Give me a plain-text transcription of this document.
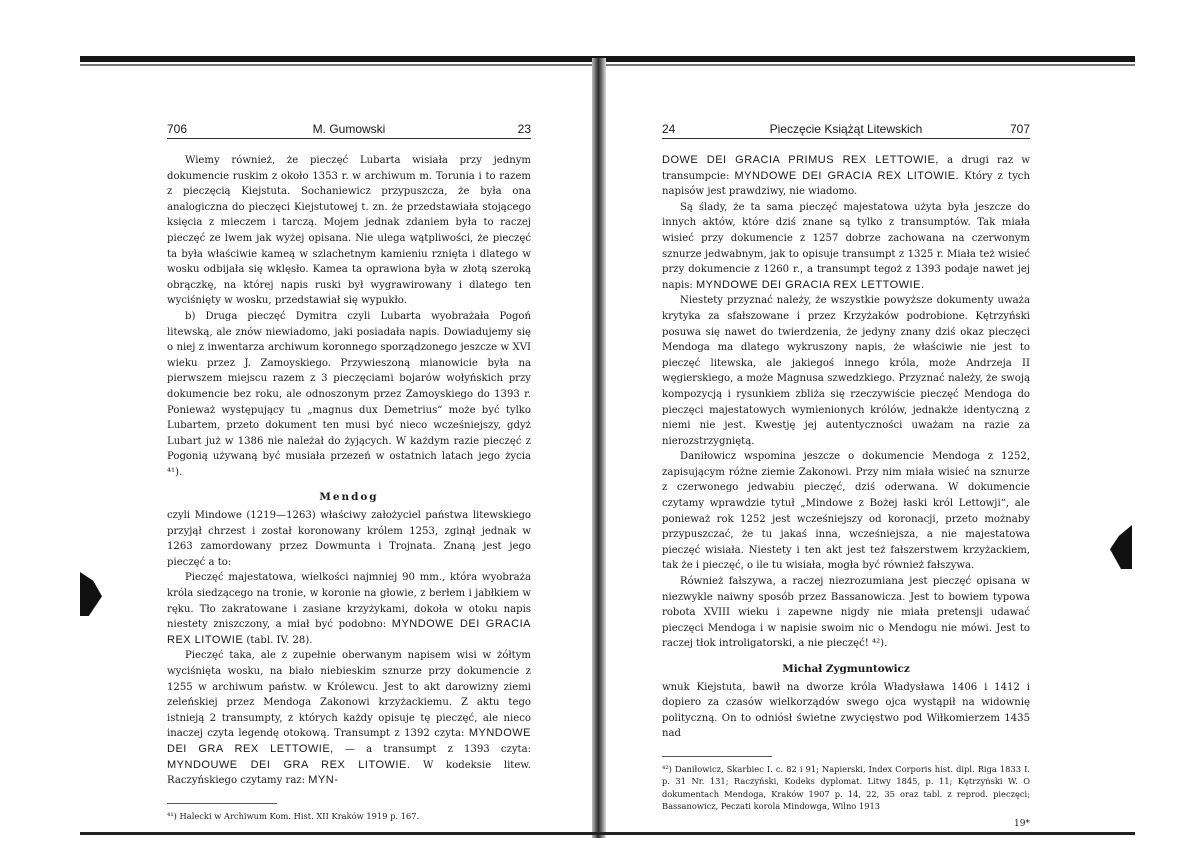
706	M. Gumowski	23

Wiemy również, że pieczęć Lubarta wisiała przy jednym dokumencie ruskim z około 1353 r. w archiwum m. Torunia i to razem z pieczęcią Kiejstuta. Sochaniewicz przypuszcza, że była ona analogiczna do pieczęci Kiejstutowej t. zn. że przedstawiała stojącego księcia z mieczem i tarczą. Mojem jednak zdaniem była to raczej pieczęć ze lwem jak wyżej opisana. Nie ulega wątpliwości, że pieczęć ta była właściwie kameą w szlachetnym kamieniu rznięta i dlatego w wosku odbijała się wklęsło. Kamea ta oprawiona była w złotą szeroką obrączkę, na której napis ruski był wygrawirowany i dlatego ten wyciśnięty w wosku, przedstawiał się wypukło.

b) Druga pieczęć Dymitra czyli Lubarta wyobrażała Pogoń litewską, ale znów niewiadomo, jaki posiadała napis. Dowiadujemy się o niej z inwentarza archiwum koronnego sporządzonego jeszcze w XVI wieku przez J. Zamoyskiego. Przywieszoną mianowicie była na pierwszem miejscu razem z 3 pieczęciami bojarów wołyńskich przy dokumencie bez roku, ale odnoszonym przez Zamoyskiego do 1393 r. Ponieważ występujący tu „magnus dux Demetrius“ może być tylko Lubartem, przeto dokument ten musi być nieco wcześniejszy, gdyż Lubart już w 1386 nie należał do żyjących. W każdym razie pieczęć z Pogonią używaną być musiała przezeń w ostatnich latach jego życia ⁴¹).

Mendog

czyli Mindowe (1219—1263) właściwy założyciel państwa litewskiego przyjął chrzest i został koronowany królem 1253, zginął jednak w 1263 zamordowany przez Dowmunta i Trojnata. Znaną jest jego pieczęć a to:

Pieczęć majestatowa, wielkości najmniej 90 mm., która wyobraża króla siedzącego na tronie, w koronie na głowie, z berłem i jabłkiem w ręku. Tło zakratowane i zasiane krzyżykami, dokoła w otoku napis niestety zniszczony, a miał być podobno: MYNDOWE DEI GRACIA REX LITOWIE (tabl. IV. 28).

Pieczęć taka, ale z zupełnie oberwanym napisem wisi w żółtym wyciśnięta wosku, na biało niebieskim sznurze przy dokumencie z 1255 w archiwum państw. w Królewcu. Jest to akt darowizny ziemi zeleńskiej przez Mendoga Zakonowi krzyżackiemu. Z aktu tego istnieją 2 transumpty, z których każdy opisuje tę pieczęć, ale nieco inaczej czyta legendę otokową. Transumpt z 1392 czyta: MYNDOWE DEI GRA REX LETTOWIE, — a transumpt z 1393 czyta: MYNDOUWE DEI GRA REX LITOWIE. W kodeksie litew. Raczyńskiego czytamy raz: MYN-

⁴¹) Halecki w Archiwum Kom. Hist. XII Kraków 1919 p. 167.
24	Pieczęcie Książąt Litewskich	707

DOWE DEI GRACIA PRIMUS REX LETTOWIE, a drugi raz w transumpcie: MYNDOWE DEI GRACIA REX LITOWIE. Który z tych napisów jest prawdziwy, nie wiadomo.

Są ślady, że ta sama pieczęć majestatowa użyta była jeszcze do innych aktów, które dziś znane są tylko z transumptów. Tak miała wisieć przy dokumencie z 1257 dobrze zachowana na czerwonym sznurze jedwabnym, jak to opisuje transumpt z 1325 r. Miała też wisieć przy dokumencie z 1260 r., a transumpt tegoż z 1393 podaje nawet jej napis: MYNDOWE DEI GRACIA REX LETTOWIE.

Niestety przyznać należy, że wszystkie powyższe dokumenty uważa krytyka za sfałszowane i przez Krzyżaków podrobione. Kętrzyński posuwa się nawet do twierdzenia, że jedyny znany dziś okaz pieczęci Mendoga ma dlatego wykruszony napis, że właściwie nie jest to pieczęć litewska, ale jakiegoś innego króla, może Andrzeja II węgierskiego, a może Magnusa szwedzkiego. Przyznać należy, że swoją kompozycją i rysunkiem zbliża się rzeczywiście pieczęć Mendoga do pieczęci majestatowych wymienionych królów, jednakże identyczną z niemi nie jest. Kwestję jej autentyczności uważam na razie za nierozstrzygniętą.

Daniłowicz wspomina jeszcze o dokumencie Mendoga z 1252, zapisującym różne ziemie Zakonowi. Przy nim miała wisieć na sznurze z czerwonego jedwabiu pieczęć, dziś oderwana. W dokumencie czytamy wprawdzie tytuł „Mindowe z Bożej łaski król Lettowji“, ale ponieważ rok 1252 jest wcześniejszy od koronacji, przeto możnaby przypuszczać, że tu jakaś inna, wcześniejsza, a nie majestatowa pieczęć wisiała. Niestety i ten akt jest też fałszerstwem krzyżackiem, tak że i pieczęć, o ile tu wisiała, mogła być również fałszywa.

Również fałszywa, a raczej niezrozumiana jest pieczęć opisana w niezwykle naiwny sposób przez Bassanowicza. Jest to bowiem typowa robota XVIII wieku i zapewne nigdy nie miała pretensji udawać pieczęci Mendoga i w napisie swoim nic o Mendogu nie mówi. Jest to raczej tłok introligatorski, a nie pieczęć! ⁴²).

Michał Zygmuntowicz

wnuk Kiejstuta, bawił na dworze króla Władysława 1406 i 1412 i dopiero za czasów wielkorządów swego ojca wystąpił na widownię polityczną. On to odniósł świetne zwycięstwo pod Wiłkomierzem 1435 nad

⁴²) Daniłowicz, Skarbiec I. c. 82 i 91; Napierski, Index Corporis hist. dipl. Riga 1833 I. p. 31 Nr. 131; Raczyński, Kodeks dyplomat. Litwy 1845, p. 11; Kętrzyński W. O dokumentach Mendoga, Kraków 1907 p. 14, 22, 35 oraz tabl. z reprod. pieczęci; Bassanowicz, Peczati korola Mindowga, Wilno 1913
19*
